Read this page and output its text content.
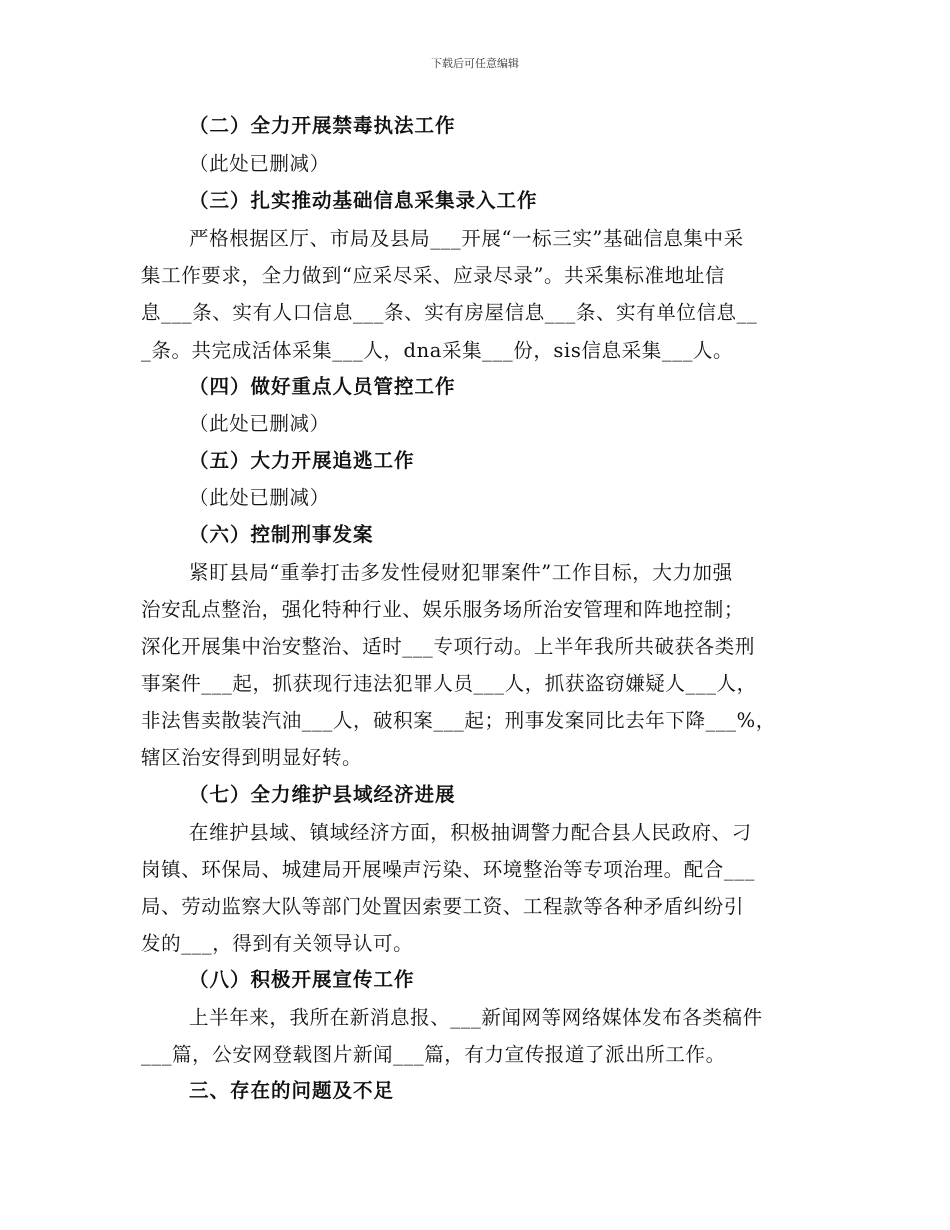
下载后可任意编辑
（二）全力开展禁毒执法工作
（此处已删减）
（三）扎实推动基础信息采集录入工作
严格根据区厅、市局及县局___开展“一标三实”基础信息集中采
集工作要求，全力做到“应采尽采、应录尽录”。共采集标准地址信
息___条、实有人口信息___条、实有房屋信息___条、实有单位信息__
_条。共完成活体采集___人，dna采集___份，sis信息采集___人。
（四）做好重点人员管控工作
（此处已删减）
（五）大力开展追逃工作
（此处已删减）
（六）控制刑事发案
紧盯县局“重拳打击多发性侵财犯罪案件”工作目标，大力加强
治安乱点整治，强化特种行业、娱乐服务场所治安管理和阵地控制；
深化开展集中治安整治、适时___专项行动。上半年我所共破获各类刑
事案件___起，抓获现行违法犯罪人员___人，抓获盗窃嫌疑人___人，
非法售卖散装汽油___人，破积案___起；刑事发案同比去年下降___%，
辖区治安得到明显好转。
（七）全力维护县域经济进展
在维护县域、镇域经济方面，积极抽调警力配合县人民政府、刁
岗镇、环保局、城建局开展噪声污染、环境整治等专项治理。配合___
局、劳动监察大队等部门处置因索要工资、工程款等各种矛盾纠纷引
发的___，得到有关领导认可。
（八）积极开展宣传工作
上半年来，我所在新消息报、___新闻网等网络媒体发布各类稿件
___篇，公安网登载图片新闻___篇，有力宣传报道了派出所工作。
三、存在的问题及不足
